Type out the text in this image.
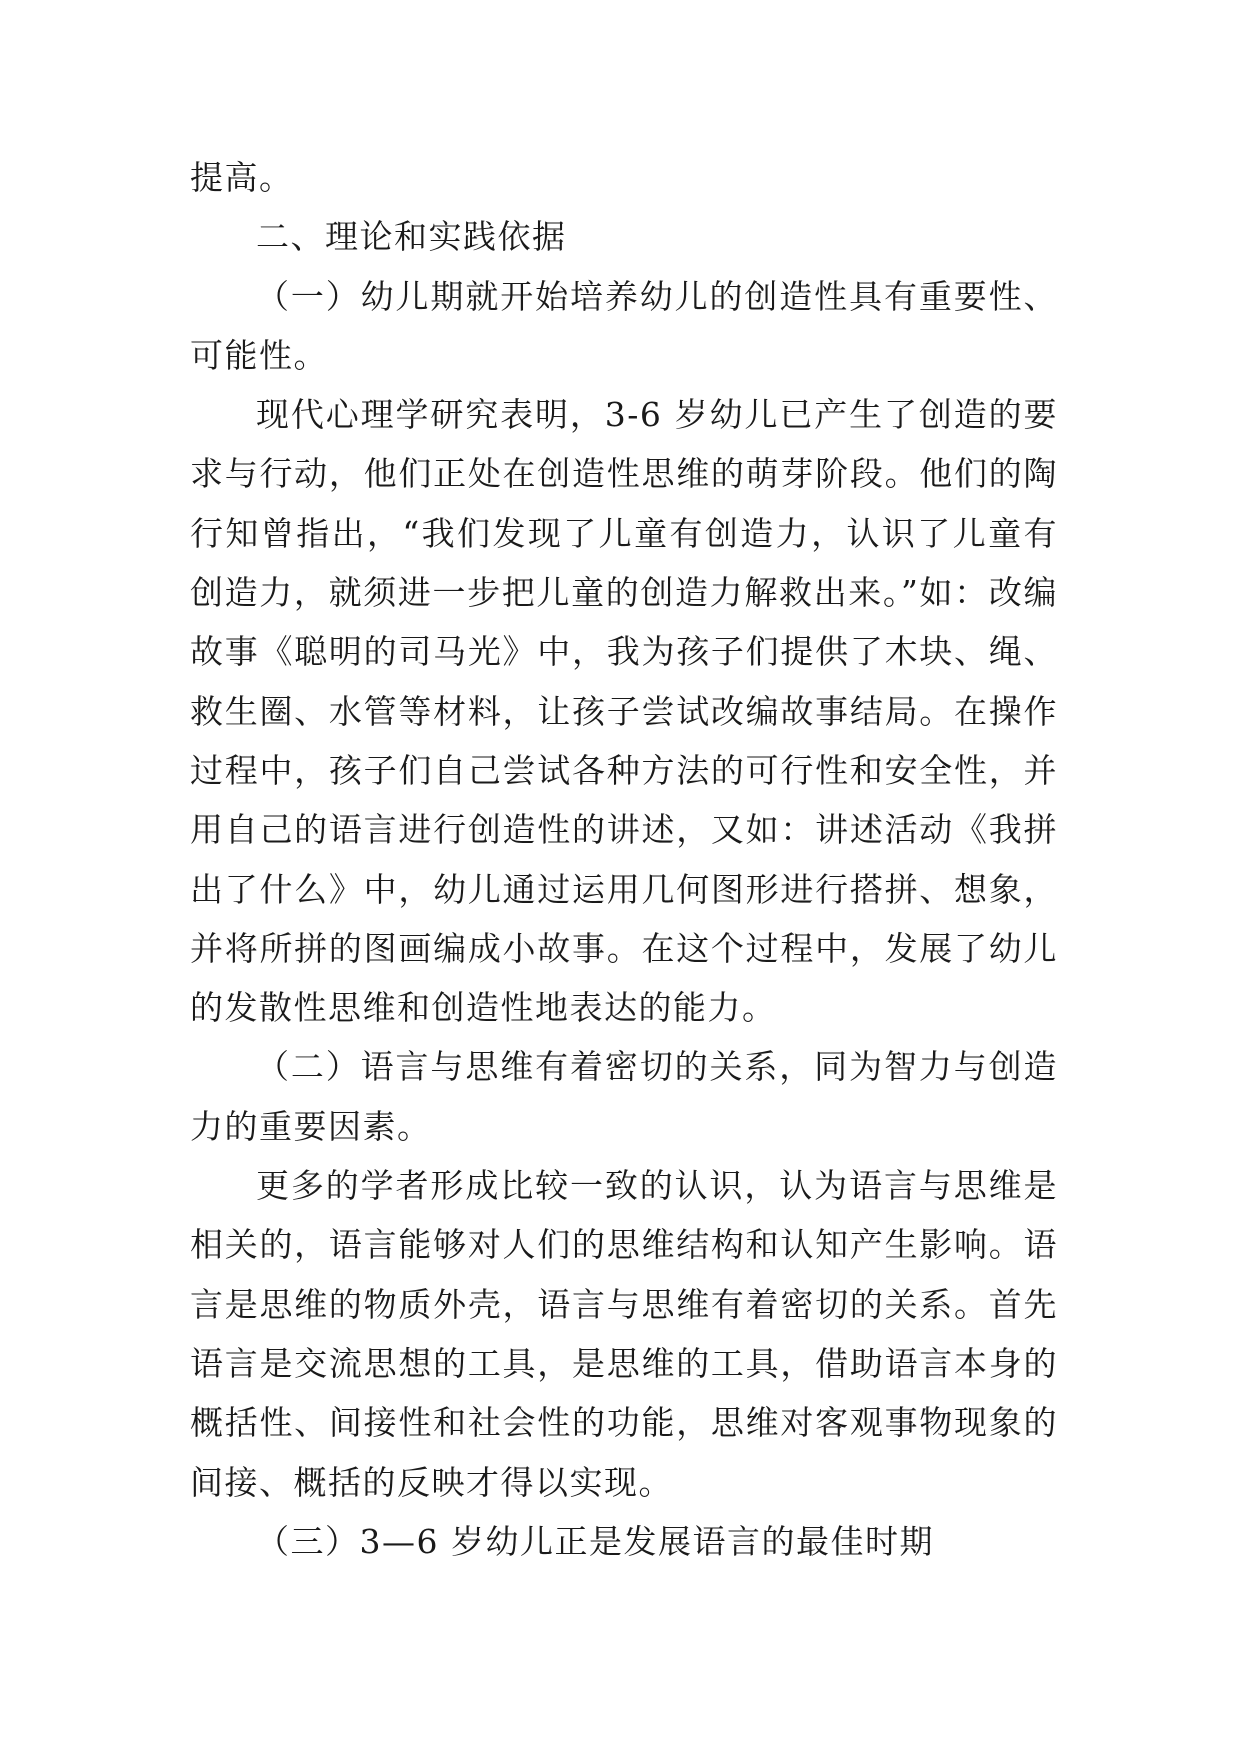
提高。

二、理论和实践依据

（一）幼儿期就开始培养幼儿的创造性具有重要性、可能性。

现代心理学研究表明，3-6 岁幼儿已产生了创造的要求与行动，他们正处在创造性思维的萌芽阶段。他们的陶行知曾指出，“我们发现了儿童有创造力，认识了儿童有创造力，就须进一步把儿童的创造力解救出来。”如：改编故事《聪明的司马光》中，我为孩子们提供了木块、绳、救生圈、水管等材料，让孩子尝试改编故事结局。在操作过程中，孩子们自己尝试各种方法的可行性和安全性，并用自己的语言进行创造性的讲述，又如：讲述活动《我拼出了什么》中，幼儿通过运用几何图形进行搭拼、想象，并将所拼的图画编成小故事。在这个过程中，发展了幼儿的发散性思维和创造性地表达的能力。

（二）语言与思维有着密切的关系，同为智力与创造力的重要因素。

更多的学者形成比较一致的认识，认为语言与思维是相关的，语言能够对人们的思维结构和认知产生影响。语言是思维的物质外壳，语言与思维有着密切的关系。首先语言是交流思想的工具，是思维的工具，借助语言本身的概括性、间接性和社会性的功能，思维对客观事物现象的间接、概括的反映才得以实现。

（三）3—6 岁幼儿正是发展语言的最佳时期
